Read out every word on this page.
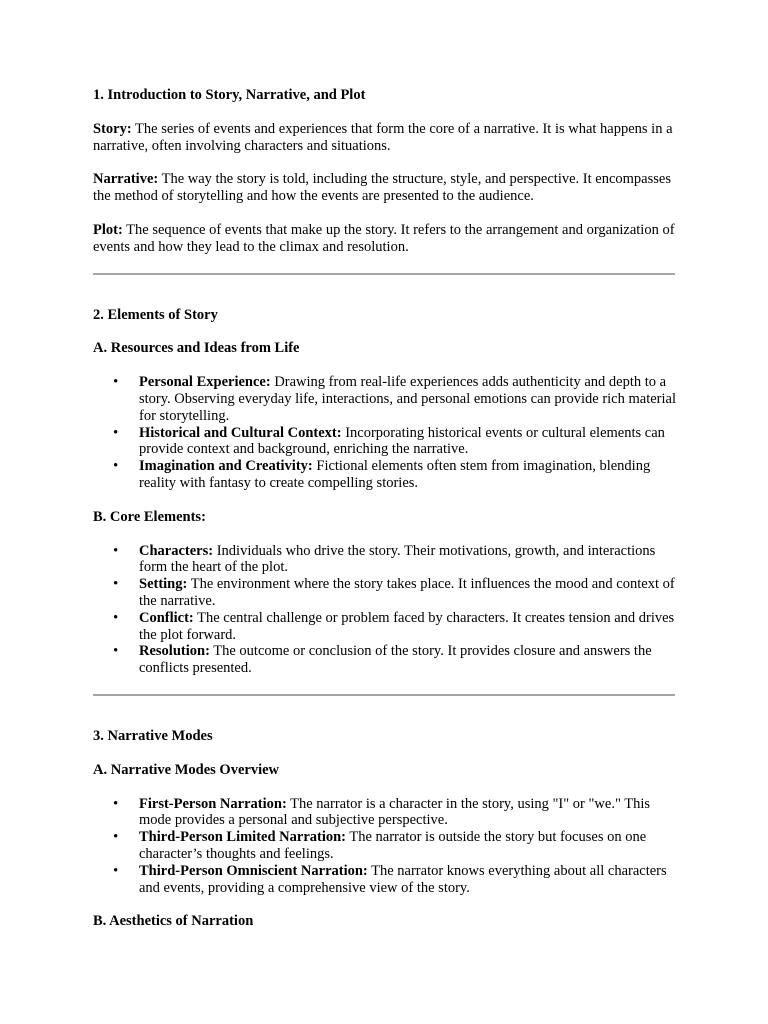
1. Introduction to Story, Narrative, and Plot

Story: The series of events and experiences that form the core of a narrative. It is what happens in a narrative, often involving characters and situations.

Narrative: The way the story is told, including the structure, style, and perspective. It encompasses the method of storytelling and how the events are presented to the audience.

Plot: The sequence of events that make up the story. It refers to the arrangement and organization of events and how they lead to the climax and resolution.

2. Elements of Story

A. Resources and Ideas from Life

• Personal Experience: Drawing from real-life experiences adds authenticity and depth to a story. Observing everyday life, interactions, and personal emotions can provide rich material for storytelling.
• Historical and Cultural Context: Incorporating historical events or cultural elements can provide context and background, enriching the narrative.
• Imagination and Creativity: Fictional elements often stem from imagination, blending reality with fantasy to create compelling stories.

B. Core Elements:

• Characters: Individuals who drive the story. Their motivations, growth, and interactions form the heart of the plot.
• Setting: The environment where the story takes place. It influences the mood and context of the narrative.
• Conflict: The central challenge or problem faced by characters. It creates tension and drives the plot forward.
• Resolution: The outcome or conclusion of the story. It provides closure and answers the conflicts presented.

3. Narrative Modes

A. Narrative Modes Overview

• First-Person Narration: The narrator is a character in the story, using "I" or "we." This mode provides a personal and subjective perspective.
• Third-Person Limited Narration: The narrator is outside the story but focuses on one character’s thoughts and feelings.
• Third-Person Omniscient Narration: The narrator knows everything about all characters and events, providing a comprehensive view of the story.

B. Aesthetics of Narration
